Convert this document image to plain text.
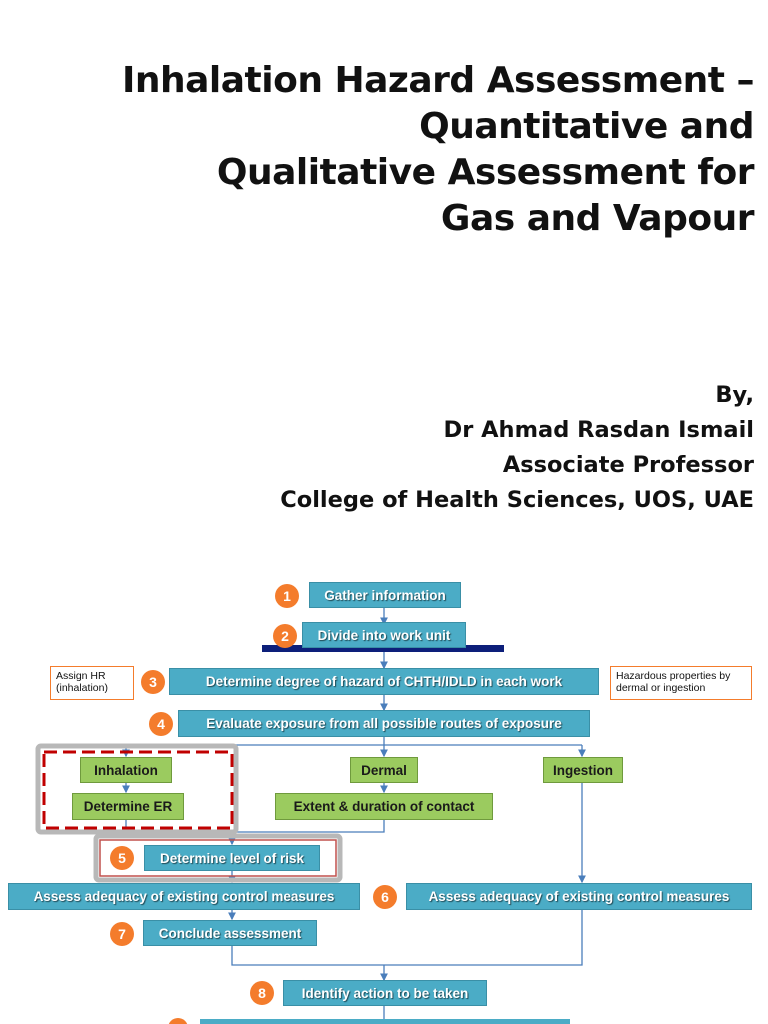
Inhalation Hazard Assessment –
Quantitative and
Qualitative Assessment for
Gas and Vapour
By,
Dr Ahmad Rasdan Ismail
Associate Professor
College of Health Sciences, UOS, UAE
1	Gather information
2	Divide into work unit
Assign HR (inhalation)	3	Determine degree of hazard of CHTH/IDLD in each work	Hazardous properties by dermal or ingestion
4	Evaluate exposure from all possible routes of exposure
Inhalation
Determine ER
Dermal
Extent & duration of contact
Ingestion
5	Determine level of risk
Assess adequacy of existing control measures	6	Assess adequacy of existing control measures
7	Conclude assessment
8	Identify action to be taken
